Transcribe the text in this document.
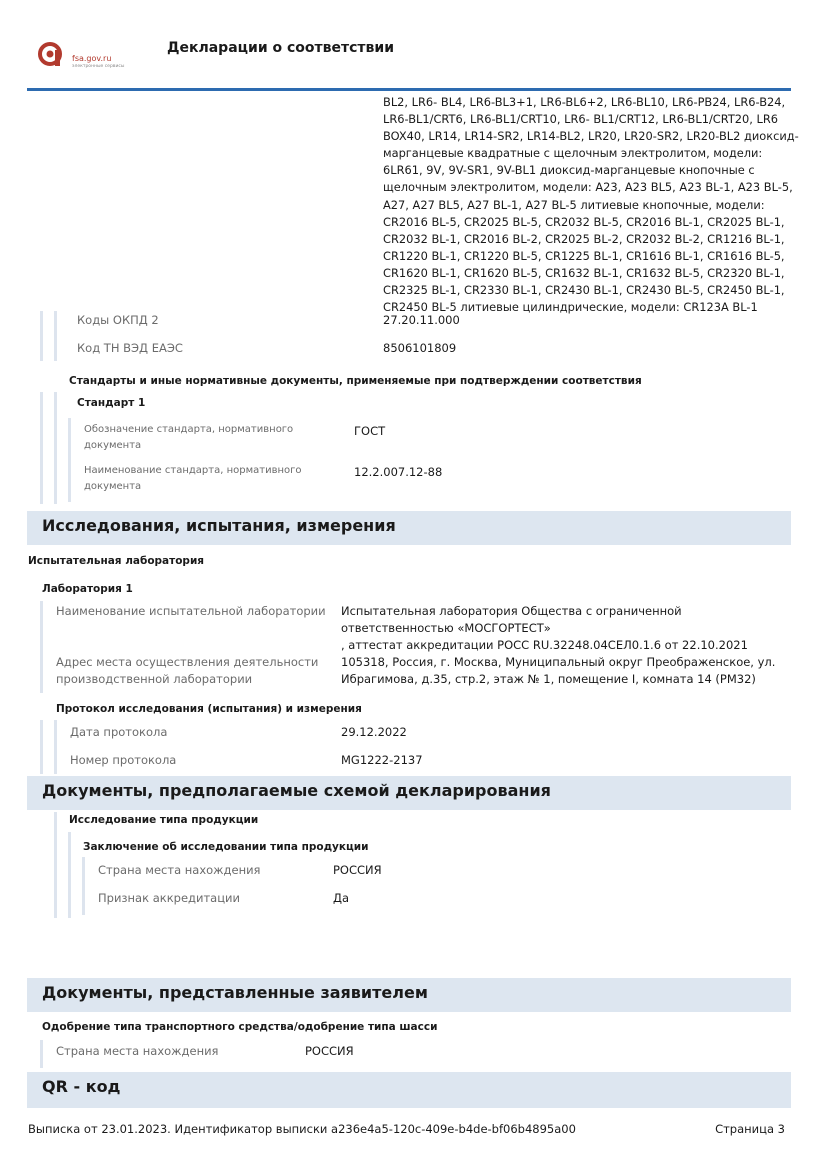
fsa.gov.ru
электронные сервисы
Декларации о соответствии
BL2, LR6- BL4, LR6-BL3+1, LR6-BL6+2, LR6-BL10, LR6-PB24, LR6-B24, LR6-BL1/CRT6, LR6-BL1/CRT10, LR6- BL1/CRT12, LR6-BL1/CRT20, LR6 BOX40, LR14, LR14-SR2, LR14-BL2, LR20, LR20-SR2, LR20-BL2 диоксид-марганцевые квадратные с щелочным электролитом, модели: 6LR61, 9V, 9V-SR1, 9V-BL1 диоксид-марганцевые кнопочные с щелочным электролитом, модели: A23, A23 BL5, A23 BL-1, A23 BL-5, A27, A27 BL5, A27 BL-1, A27 BL-5 литиевые кнопочные, модели: CR2016 BL-5, CR2025 BL-5, CR2032 BL-5, CR2016 BL-1, CR2025 BL-1, CR2032 BL-1, CR2016 BL-2, CR2025 BL-2, CR2032 BL-2, CR1216 BL-1, CR1220 BL-1, CR1220 BL-5, CR1225 BL-1, CR1616 BL-1, CR1616 BL-5, CR1620 BL-1, CR1620 BL-5, CR1632 BL-1, CR1632 BL-5, CR2320 BL-1, CR2325 BL-1, CR2330 BL-1, CR2430 BL-1, CR2430 BL-5, CR2450 BL-1, CR2450 BL-5 литиевые цилиндрические, модели: CR123A BL-1
Коды ОКПД 2	27.20.11.000
Код ТН ВЭД ЕАЭС	8506101809
Стандарты и иные нормативные документы, применяемые при подтверждении соответствия
Стандарт 1
Обозначение стандарта, нормативного документа
ГОСТ
Наименование стандарта, нормативного документа
12.2.007.12-88
Исследования, испытания, измерения
Испытательная лаборатория
Лаборатория 1
Наименование испытательной лаборатории Испытательная лаборатория Общества с ограниченной ответственностью «МОСГОРТЕСТ»
, аттестат аккредитации РОСС RU.32248.04СЕЛ0.1.6 от 22.10.2021
Адрес места осуществления деятельности производственной лаборатории
105318, Россия, г. Москва, Муниципальный округ Преображенское, ул. Ибрагимова, д.35, стр.2, этаж № 1, помещение I, комната 14 (РМ32)
Протокол исследования (испытания) и измерения
Дата протокола	29.12.2022
Номер протокола	MG1222-2137
Документы, предполагаемые схемой декларирования
Исследование типа продукции
Заключение об исследовании типа продукции
Страна места нахождения	РОССИЯ
Признак аккредитации	Да
Документы, представленные заявителем
Одобрение типа транспортного средства/одобрение типа шасси
Страна места нахождения	РОССИЯ
QR - код
Выписка от 23.01.2023. Идентификатор выписки a236e4a5-120c-409e-b4de-bf06b4895a00	Страница 3
